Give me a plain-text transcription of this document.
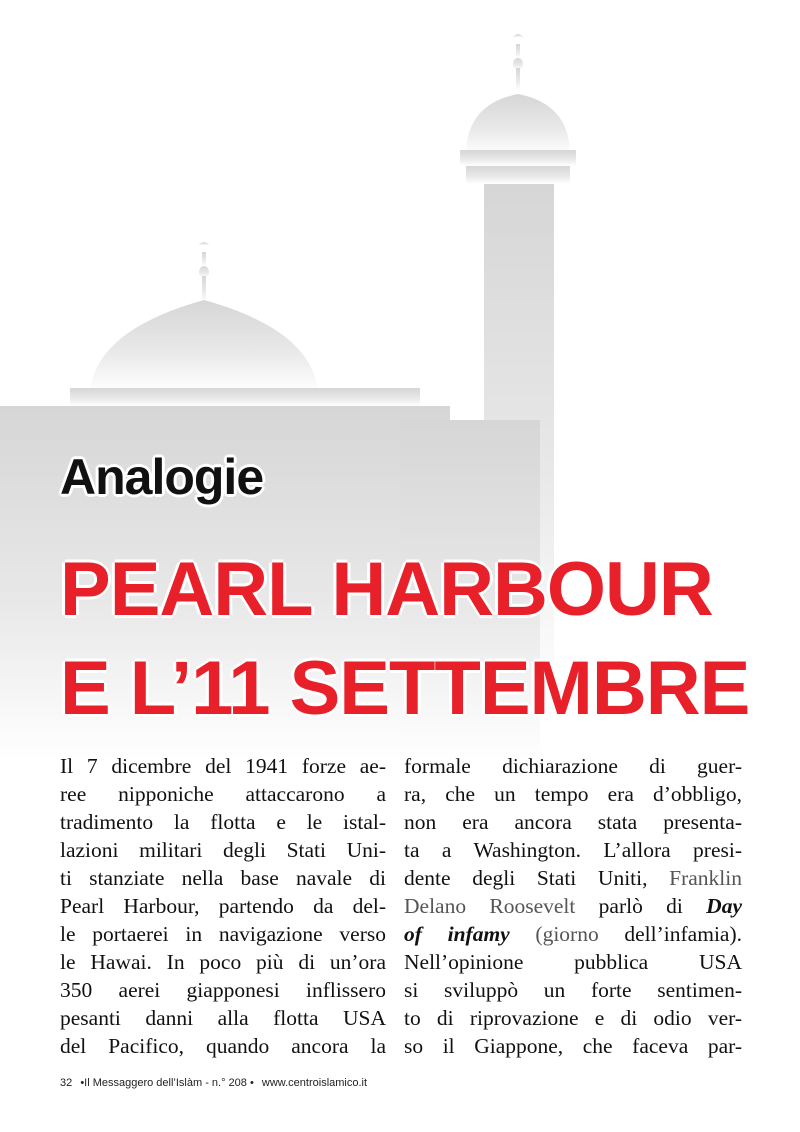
Analogie
PEARL HARBOUR
E L’11 SETTEMBRE
Il 7 dicembre del 1941 forze ae-
ree nipponiche attaccarono a
tradimento la flotta e le istal-
lazioni militari degli Stati Uni-
ti stanziate nella base navale di
Pearl Harbour, partendo da del-
le portaerei in navigazione verso
le Hawai. In poco più di un’ora
350 aerei giapponesi inflissero
pesanti danni alla flotta USA
del Pacifico, quando ancora la
formale dichiarazione di guer-
ra, che un tempo era d’obbligo,
non era ancora stata presenta-
ta a Washington. L’allora presi-
dente degli Stati Uniti, Franklin
Delano Roosevelt parlò di Day
of infamy (giorno dell’infamia).
Nell’opinione pubblica USA
si sviluppò un forte sentimen-
to di riprovazione e di odio ver-
so il Giappone, che faceva par-
32 •Il Messaggero dell’Islàm - n.° 208 • www.centroislamico.it
